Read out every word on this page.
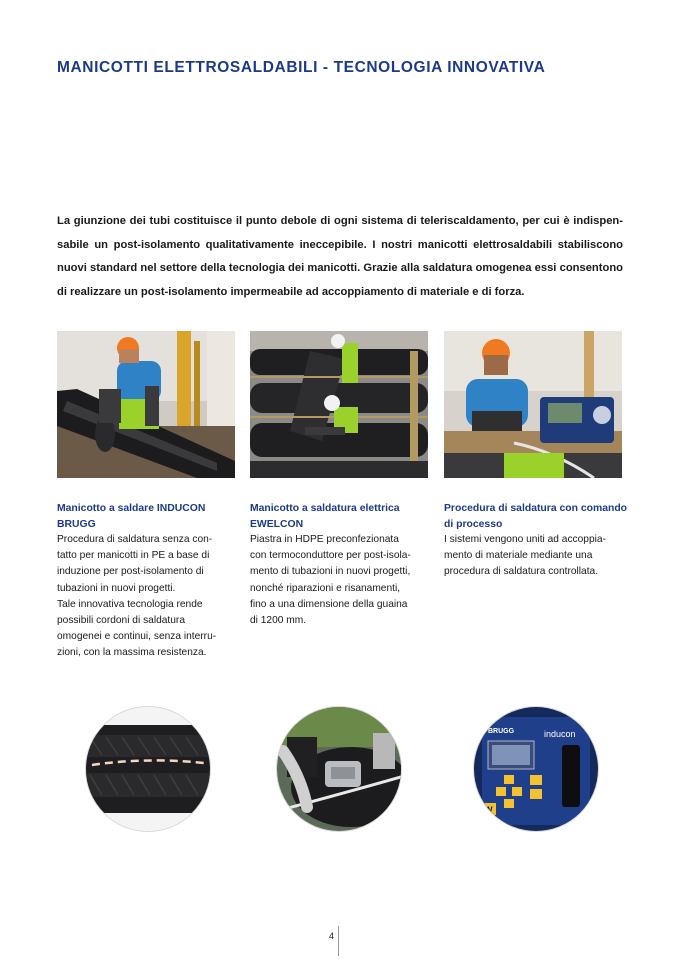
MANICOTTI ELETTROSALDABILI - TECNOLOGIA INNOVATIVA
La giunzione dei tubi costituisce il punto debole di ogni sistema di teleriscaldamento, per cui è indispen- sabile un post-isolamento qualitativamente ineccepibile. I nostri manicotti elettrosaldabili stabiliscono nuovi standard nel settore della tecnologia dei manicotti. Grazie alla saldatura omogenea essi consentono di realizzare un post-isolamento impermeabile ad accoppiamento di materiale e di forza.
Manicotto a saldare INDUCON BRUGG

Procedura di saldatura senza con-
tatto per manicotti in PE a base di
induzione per post-isolamento di
tubazioni in nuovi progetti.
Tale innovativa tecnologia rende
possibili cordoni di saldatura
omogenei e continui, senza interru-
zioni, con la massima resistenza.

Manicotto a saldatura elettrica EWELCON

Piastra in HDPE preconfezionata
con termoconduttore per post-isola-
mento di tubazioni in nuovi progetti,
nonché riparazioni e risanamenti,
fino a una dimensione della guaina
di 1200 mm.

Procedura di saldatura con comando di processo

I sistemi vengono uniti ad accoppia-
mento di materiale mediante una
procedura di saldatura controllata.

BRUGG	inducon
W
4
